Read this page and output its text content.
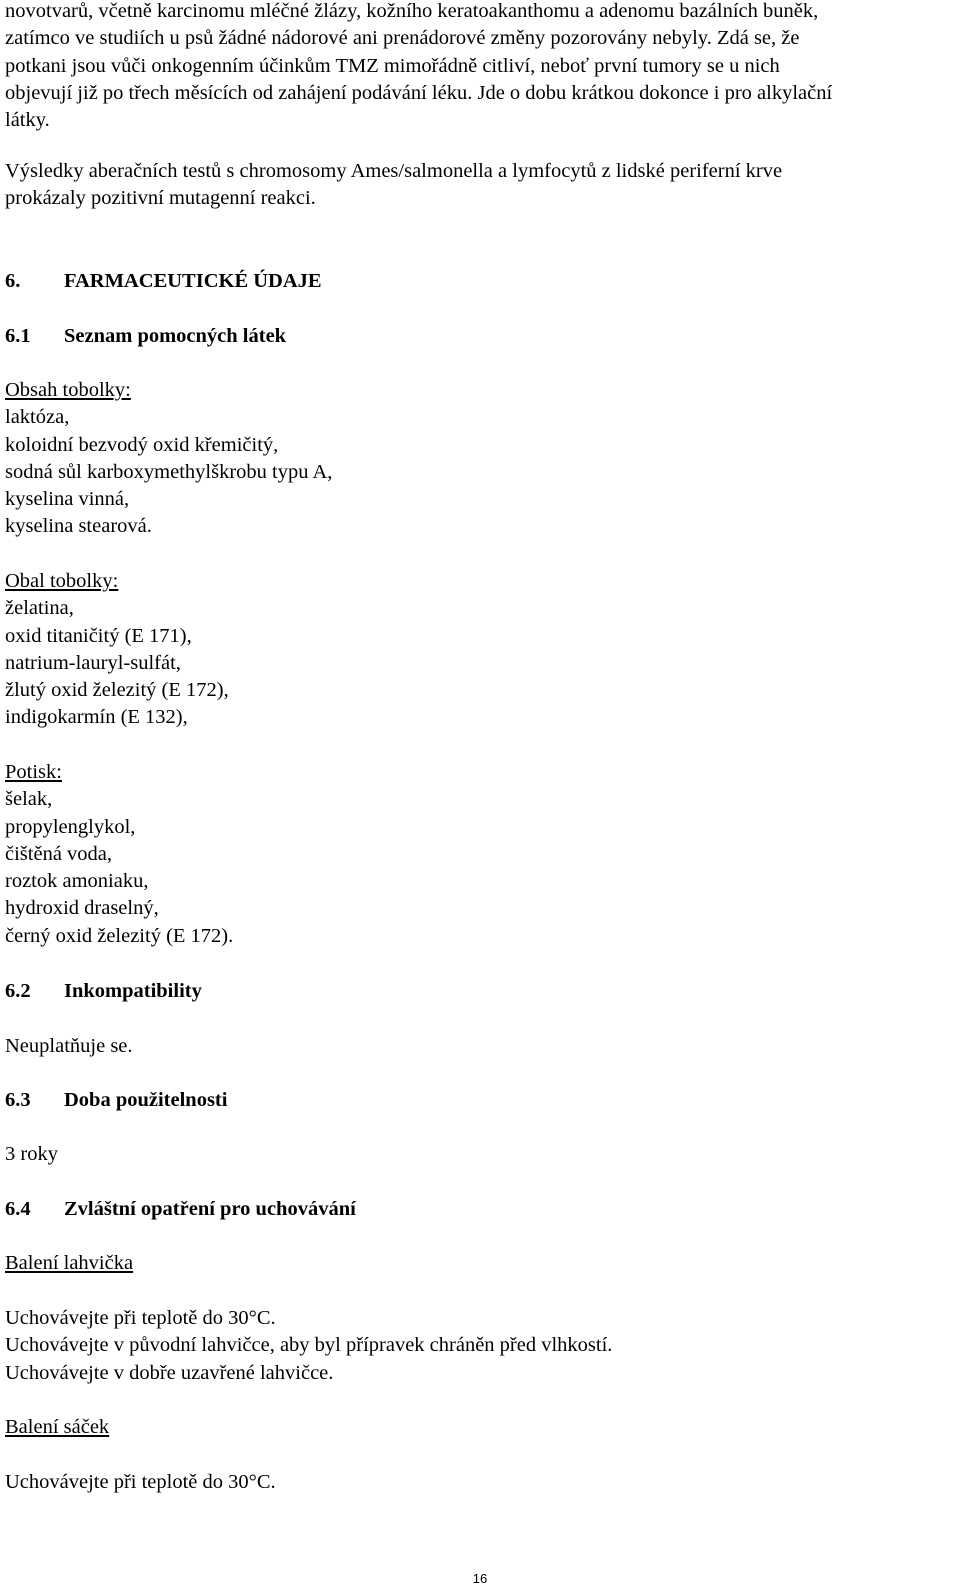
novotvarů, včetně karcinomu mléčné žlázy, kožního keratoakanthomu a adenomu bazálních buněk,

zatímco ve studiích u psů žádné nádorové ani prenádorové změny pozorovány nebyly. Zdá se, že

potkani jsou vůči onkogenním účinkům TMZ mimořádně citliví, neboť první tumory se u nich

objevují již po třech měsících od zahájení podávání léku. Jde o dobu krátkou dokonce i pro alkylační

látky.

Výsledky aberačních testů s chromosomy Ames/salmonella a lymfocytů z lidské periferní krve

prokázaly pozitivní mutagenní reakci.

6. FARMACEUTICKÉ ÚDAJE
6.1 Seznam pomocných látek

Obsah tobolky:

laktóza,

koloidní bezvodý oxid křemičitý,

sodná sůl karboxymethylškrobu typu A,

kyselina vinná,

kyselina stearová.

Obal tobolky:

želatina,

oxid titaničitý (E 171),

natrium-lauryl-sulfát,

žlutý oxid železitý (E 172),

indigokarmín (E 132),

Potisk:

šelak,

propylenglykol,

čištěná voda,

roztok amoniaku,

hydroxid draselný,

černý oxid železitý (E 172).

6.2 Inkompatibility

Neuplatňuje se.

6.3 Doba použitelnosti

3 roky

6.4 Zvláštní opatření pro uchovávání

Balení lahvička

Uchovávejte při teplotě do 30°C.

Uchovávejte v původní lahvičce, aby byl přípravek chráněn před vlhkostí.

Uchovávejte v dobře uzavřené lahvičce.

Balení sáček

Uchovávejte při teplotě do 30°C.

16
